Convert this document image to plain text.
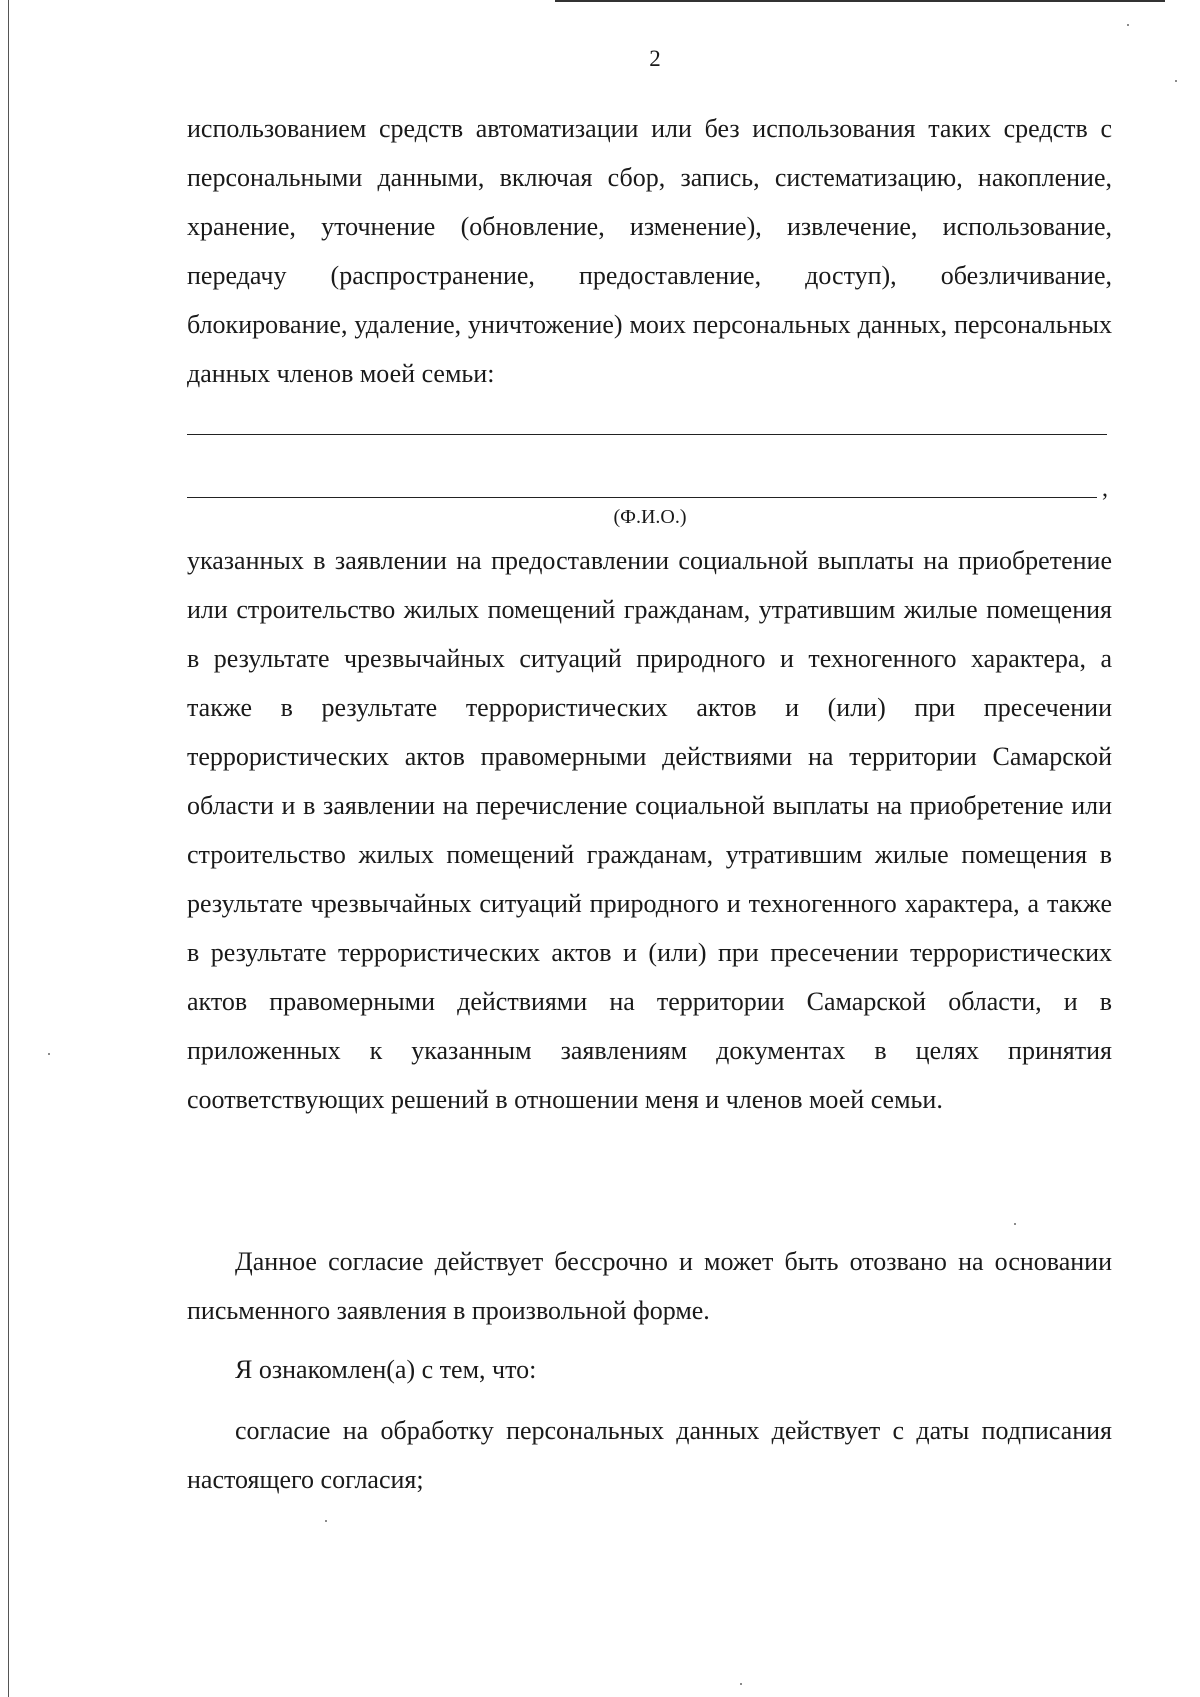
2

использованием средств автоматизации или без использования таких средств с персональными данными, включая сбор, запись, систематизацию, накопление, хранение, уточнение (обновление, изменение), извлечение, использование, передачу (распространение, предоставление, доступ), обезличивание, блокирование, удаление, уничтожение) моих персональных данных, персональных данных членов моей семьи:

,
(Ф.И.О.)

указанных в заявлении на предоставлении социальной выплаты на приобретение или строительство жилых помещений гражданам, утратившим жилые помещения в результате чрезвычайных ситуаций природного и техногенного характера, а также в результате террористических актов и (или) при пресечении террористических актов правомерными действиями на территории Самарской области и в заявлении на перечисление социальной выплаты на приобретение или строительство жилых помещений гражданам, утратившим жилые помещения в результате чрезвычайных ситуаций природного и техногенного характера, а также в результате террористических актов и (или) при пресечении террористических актов правомерными действиями на территории Самарской области, и в приложенных к указанным заявлениям документах в целях принятия соответствующих решений в отношении меня и членов моей семьи.

Данное согласие действует бессрочно и может быть отозвано на основании письменного заявления в произвольной форме.

Я ознакомлен(а) с тем, что:

согласие на обработку персональных данных действует с даты подписания настоящего согласия;
